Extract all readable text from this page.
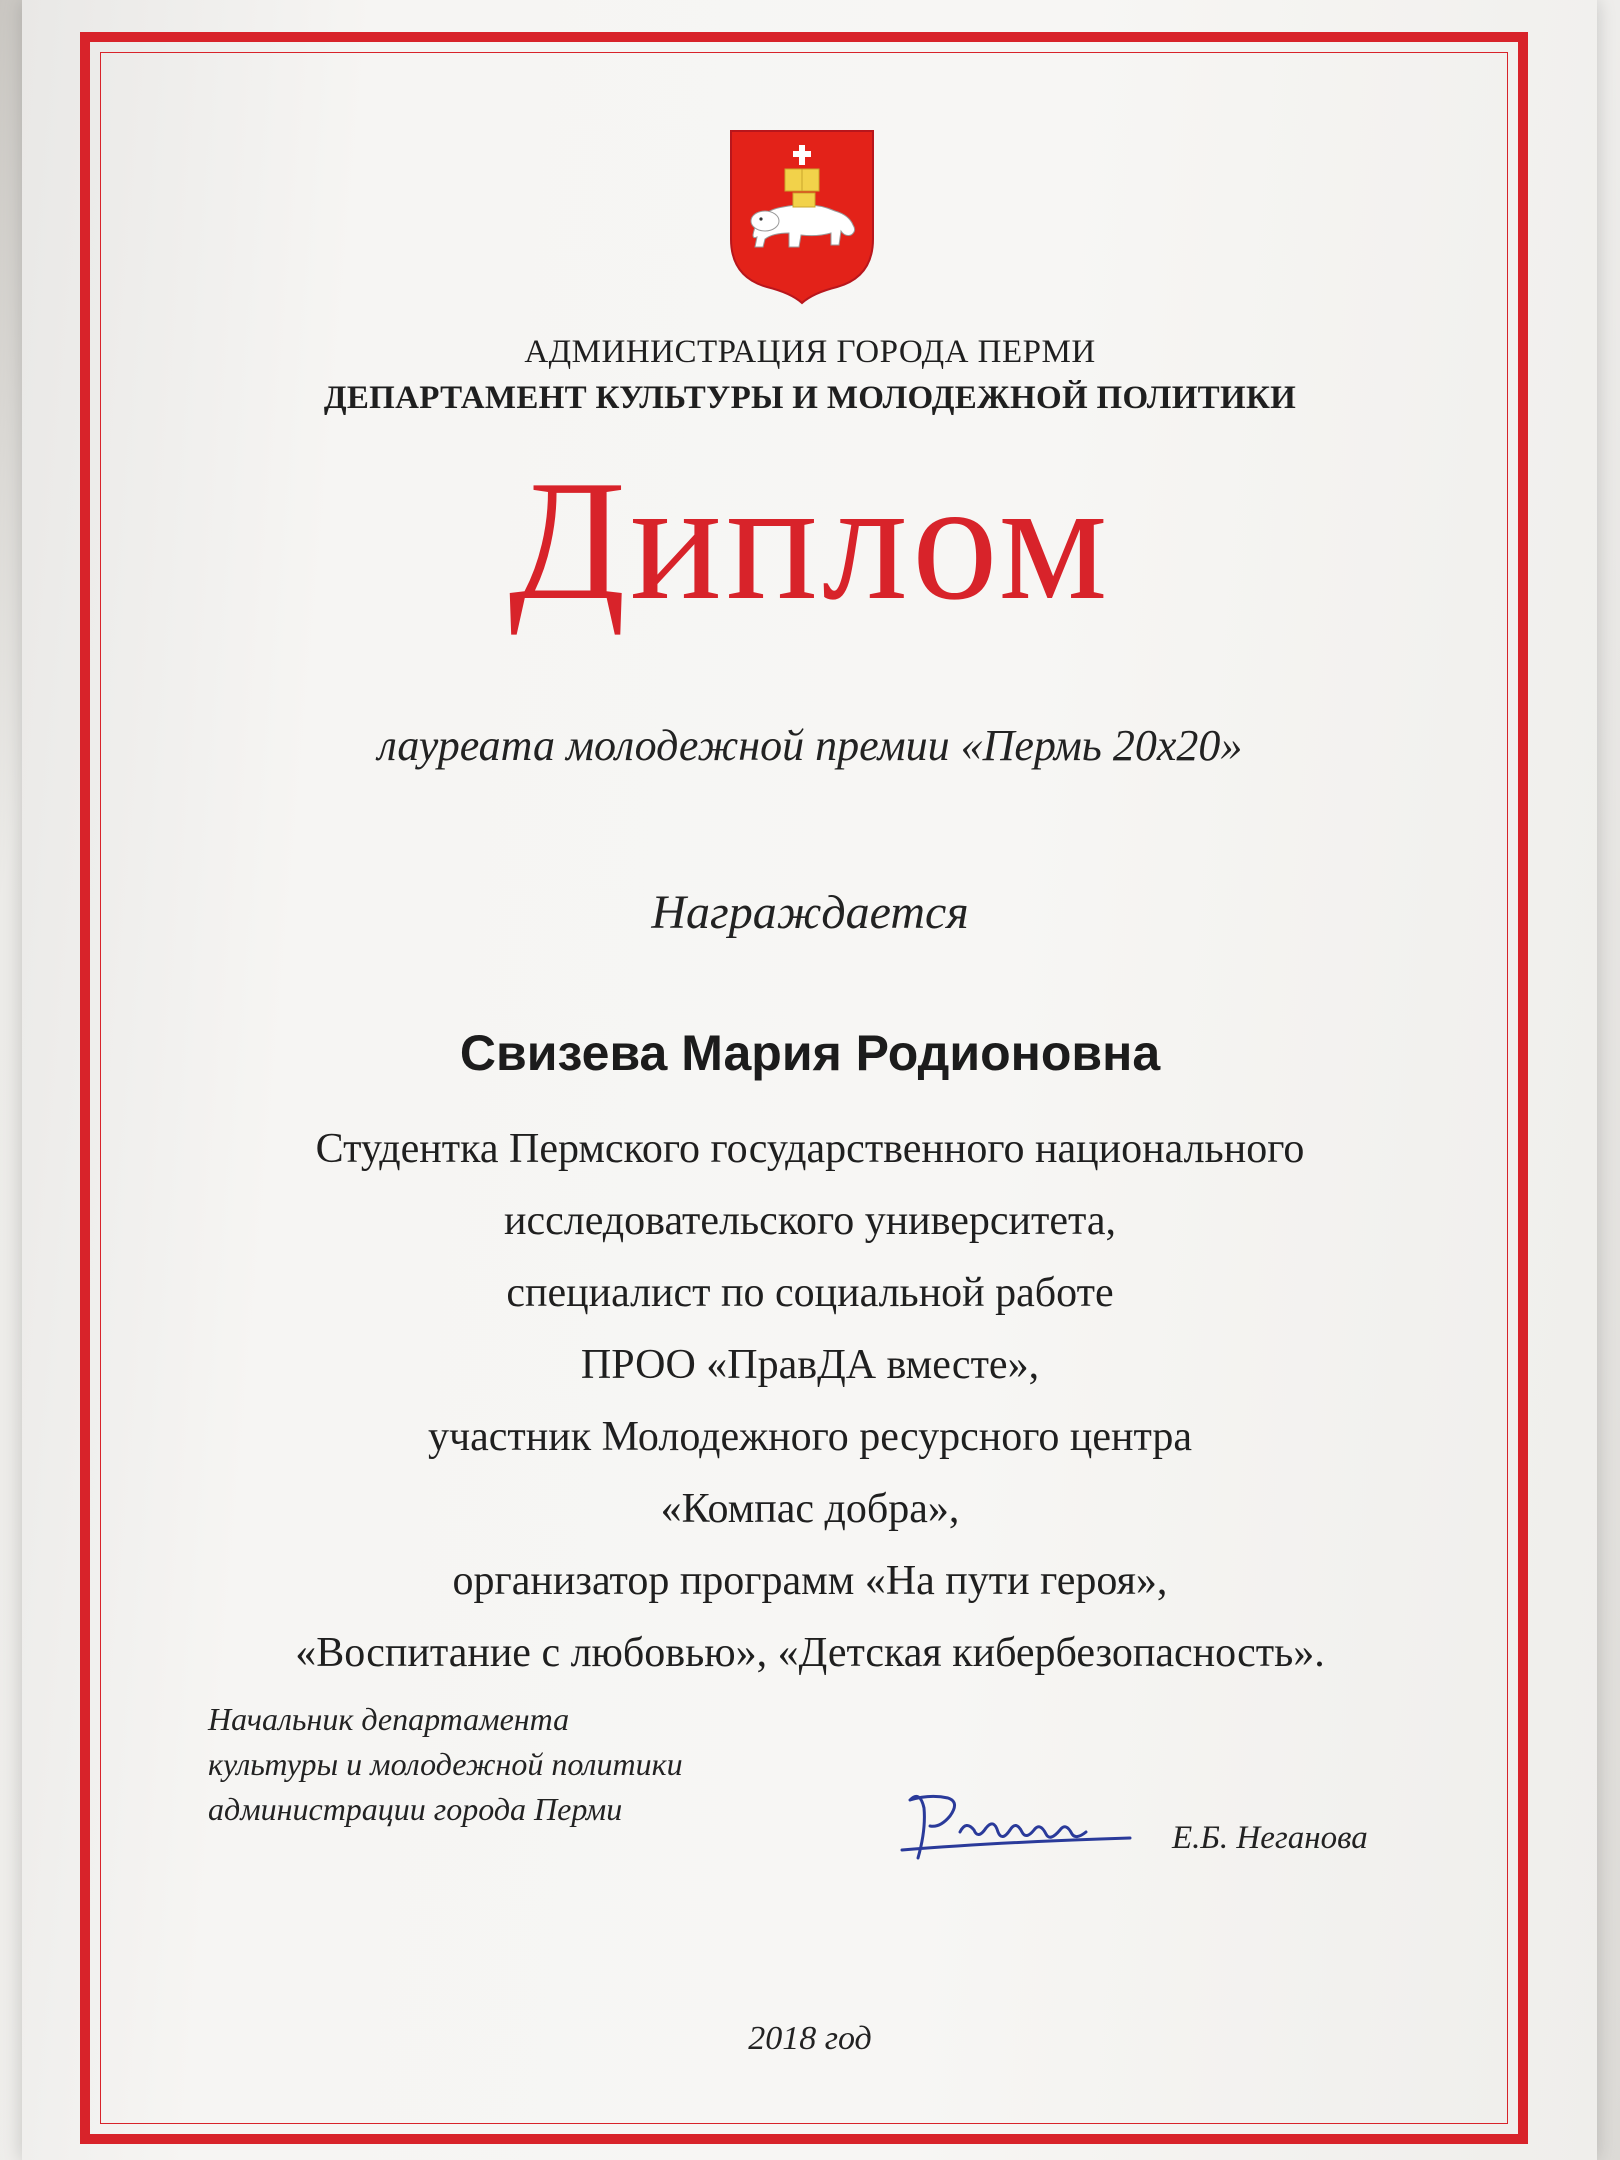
АДМИНИСТРАЦИЯ ГОРОДА ПЕРМИ
ДЕПАРТАМЕНТ КУЛЬТУРЫ И МОЛОДЕЖНОЙ ПОЛИТИКИ
Диплом
лауреата молодежной премии «Пермь 20х20»
Награждается
Свизева Мария Родионовна
Студентка Пермского государственного национального
исследовательского университета,
специалист по социальной работе
ПРОО «ПравДА вместе»,
участник Молодежного ресурсного центра
«Компас добра»,
организатор программ «На пути героя»,
«Воспитание с любовью», «Детская кибербезопасность».
Начальник департамента
культуры и молодежной политики
администрации города Перми
Е.Б. Неганова
2018 год
